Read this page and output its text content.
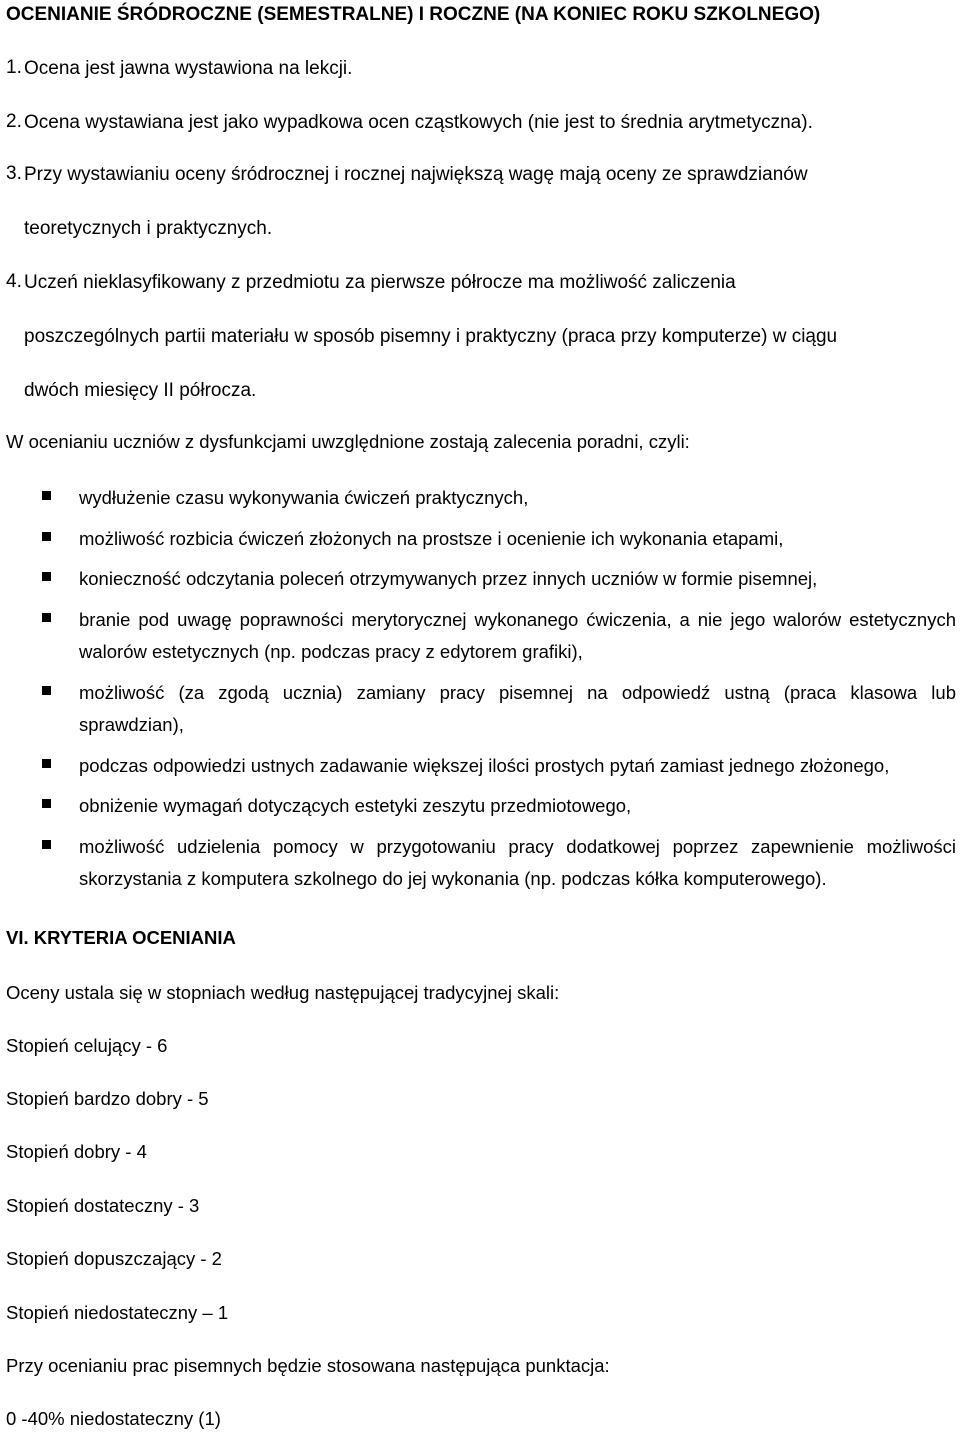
OCENIANIE ŚRÓDROCZNE (SEMESTRALNE) I ROCZNE (NA KONIEC ROKU SZKOLNEGO)
1. Ocena jest jawna wystawiona na lekcji.
2. Ocena wystawiana jest jako wypadkowa ocen cząstkowych (nie jest to średnia arytmetyczna).
3. Przy wystawianiu oceny śródrocznej i rocznej największą wagę mają oceny ze sprawdzianów
teoretycznych i praktycznych.
4. Uczeń nieklasyfikowany z przedmiotu za pierwsze półrocze ma możliwość zaliczenia
poszczególnych partii materiału w sposób pisemny i praktyczny (praca przy komputerze) w ciągu
dwóch miesięcy II półrocza.
W ocenianiu uczniów z dysfunkcjami uwzględnione zostają zalecenia poradni, czyli:
wydłużenie czasu wykonywania ćwiczeń praktycznych,
możliwość rozbicia ćwiczeń złożonych na prostsze i ocenienie ich wykonania etapami,
konieczność odczytania poleceń otrzymywanych przez innych uczniów w formie pisemnej,
branie pod uwagę poprawności merytorycznej wykonanego ćwiczenia, a nie jego walorów estetycznych walorów estetycznych (np. podczas pracy z edytorem grafiki),
możliwość (za zgodą ucznia) zamiany pracy pisemnej na odpowiedź ustną (praca klasowa lub sprawdzian),
podczas odpowiedzi ustnych zadawanie większej ilości prostych pytań zamiast jednego złożonego,
obniżenie wymagań dotyczących estetyki zeszytu przedmiotowego,
możliwość udzielenia pomocy w przygotowaniu pracy dodatkowej poprzez zapewnienie możliwości skorzystania z komputera szkolnego do jej wykonania (np. podczas kółka komputerowego).
VI. KRYTERIA OCENIANIA
Oceny ustala się w stopniach według następującej tradycyjnej skali:
Stopień celujący - 6
Stopień bardzo dobry - 5
Stopień dobry - 4
Stopień dostateczny - 3
Stopień dopuszczający - 2
Stopień niedostateczny – 1
Przy ocenianiu prac pisemnych będzie stosowana następująca punktacja:
0 -40% niedostateczny (1)
